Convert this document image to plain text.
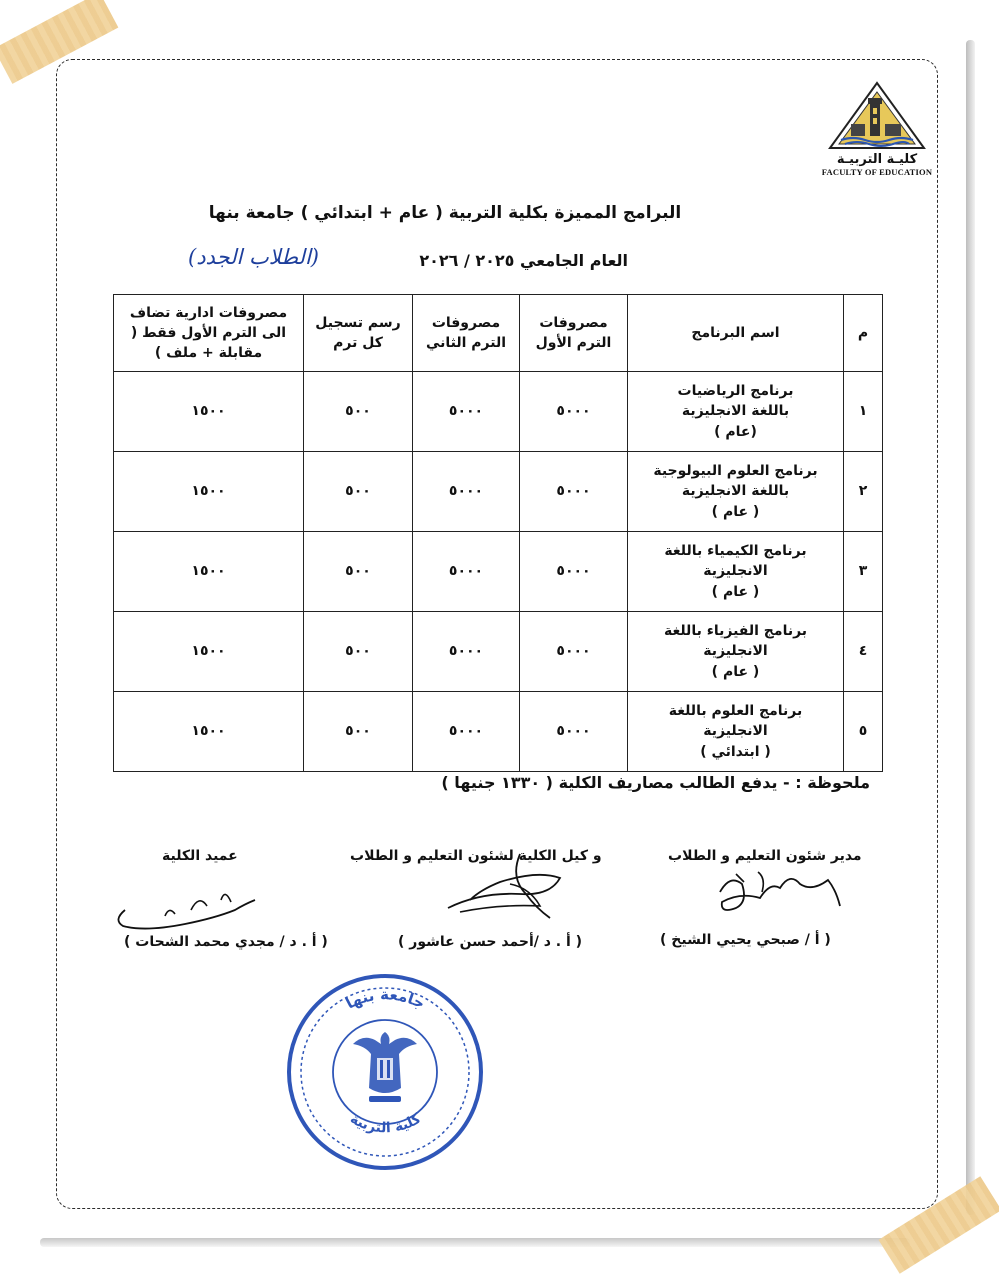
كليـة التربيـة
FACULTY OF EDUCATION
البرامج المميزة بكلية التربية ( عام + ابتدائي ) جامعة بنها
العام الجامعي ٢٠٢٥ / ٢٠٢٦
(الطلاب الجدد)
م	اسم البرنامج	مصروفات الترم الأول	مصروفات الترم الثاني	رسم تسجيل كل ترم	مصروفات ادارية تضاف الى الترم الأول فقط ( مقابلة + ملف )
١	برنامج الرياضيات
باللغة الانجليزية
(عام )	٥٠٠٠	٥٠٠٠	٥٠٠	١٥٠٠
٢	برنامج العلوم البيولوجية
باللغة الانجليزية
( عام )	٥٠٠٠	٥٠٠٠	٥٠٠	١٥٠٠
٣	برنامج الكيمياء باللغة
الانجليزية
( عام )	٥٠٠٠	٥٠٠٠	٥٠٠	١٥٠٠
٤	برنامج الفيزياء باللغة
الانجليزية
( عام )	٥٠٠٠	٥٠٠٠	٥٠٠	١٥٠٠
٥	برنامج العلوم باللغة
الانجليزية
( ابتدائي )	٥٠٠٠	٥٠٠٠	٥٠٠	١٥٠٠
ملحوظة : - يدفع الطالب مصاريف الكلية ( ١٣٣٠ جنيها )
مدير شئون التعليم و الطلاب
و كيل الكلية لشئون التعليم و الطلاب
عميد الكلية
( أ / صبحي يحيي الشيخ )
( أ . د /أحمد حسن عاشور )
( أ . د / مجدي محمد الشحات )
جامعة بنها
كلية التربية
